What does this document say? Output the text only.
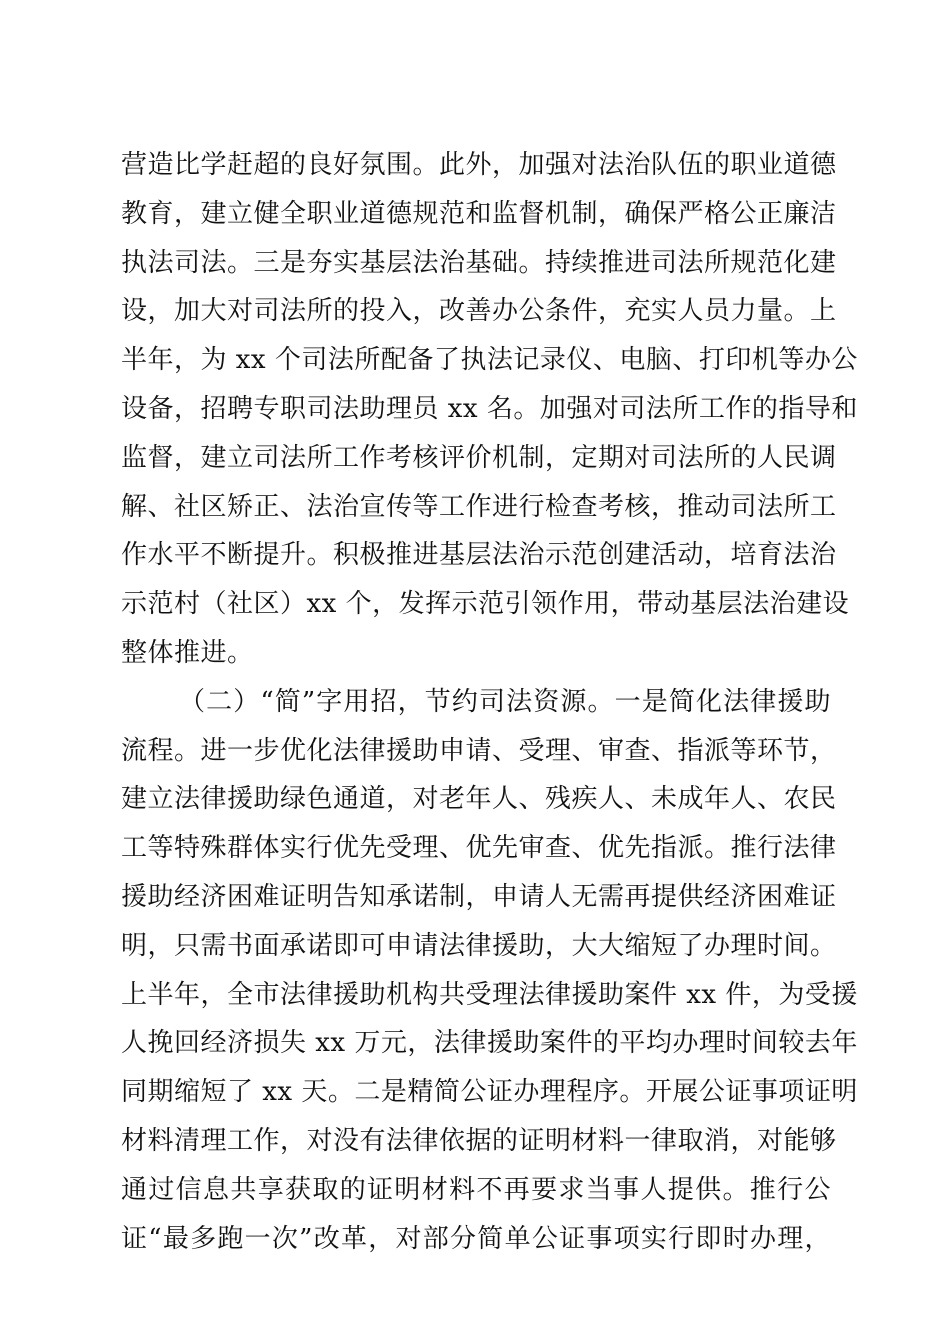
营造比学赶超的良好氛围。此外，加强对法治队伍的职业道德
教育，建立健全职业道德规范和监督机制，确保严格公正廉洁
执法司法。三是夯实基层法治基础。持续推进司法所规范化建
设，加大对司法所的投入，改善办公条件，充实人员力量。上
半年，为 xx 个司法所配备了执法记录仪、电脑、打印机等办公
设备，招聘专职司法助理员 xx 名。加强对司法所工作的指导和
监督，建立司法所工作考核评价机制，定期对司法所的人民调
解、社区矫正、法治宣传等工作进行检查考核，推动司法所工
作水平不断提升。积极推进基层法治示范创建活动，培育法治
示范村（社区）xx 个，发挥示范引领作用，带动基层法治建设
整体推进。
（二）“简”字用招，节约司法资源。一是简化法律援助
流程。进一步优化法律援助申请、受理、审查、指派等环节，
建立法律援助绿色通道，对老年人、残疾人、未成年人、农民
工等特殊群体实行优先受理、优先审查、优先指派。推行法律
援助经济困难证明告知承诺制，申请人无需再提供经济困难证
明，只需书面承诺即可申请法律援助，大大缩短了办理时间。
上半年，全市法律援助机构共受理法律援助案件 xx 件，为受援
人挽回经济损失 xx 万元，法律援助案件的平均办理时间较去年
同期缩短了 xx 天。二是精简公证办理程序。开展公证事项证明
材料清理工作，对没有法律依据的证明材料一律取消，对能够
通过信息共享获取的证明材料不再要求当事人提供。推行公
证“最多跑一次”改革，对部分简单公证事项实行即时办理，
